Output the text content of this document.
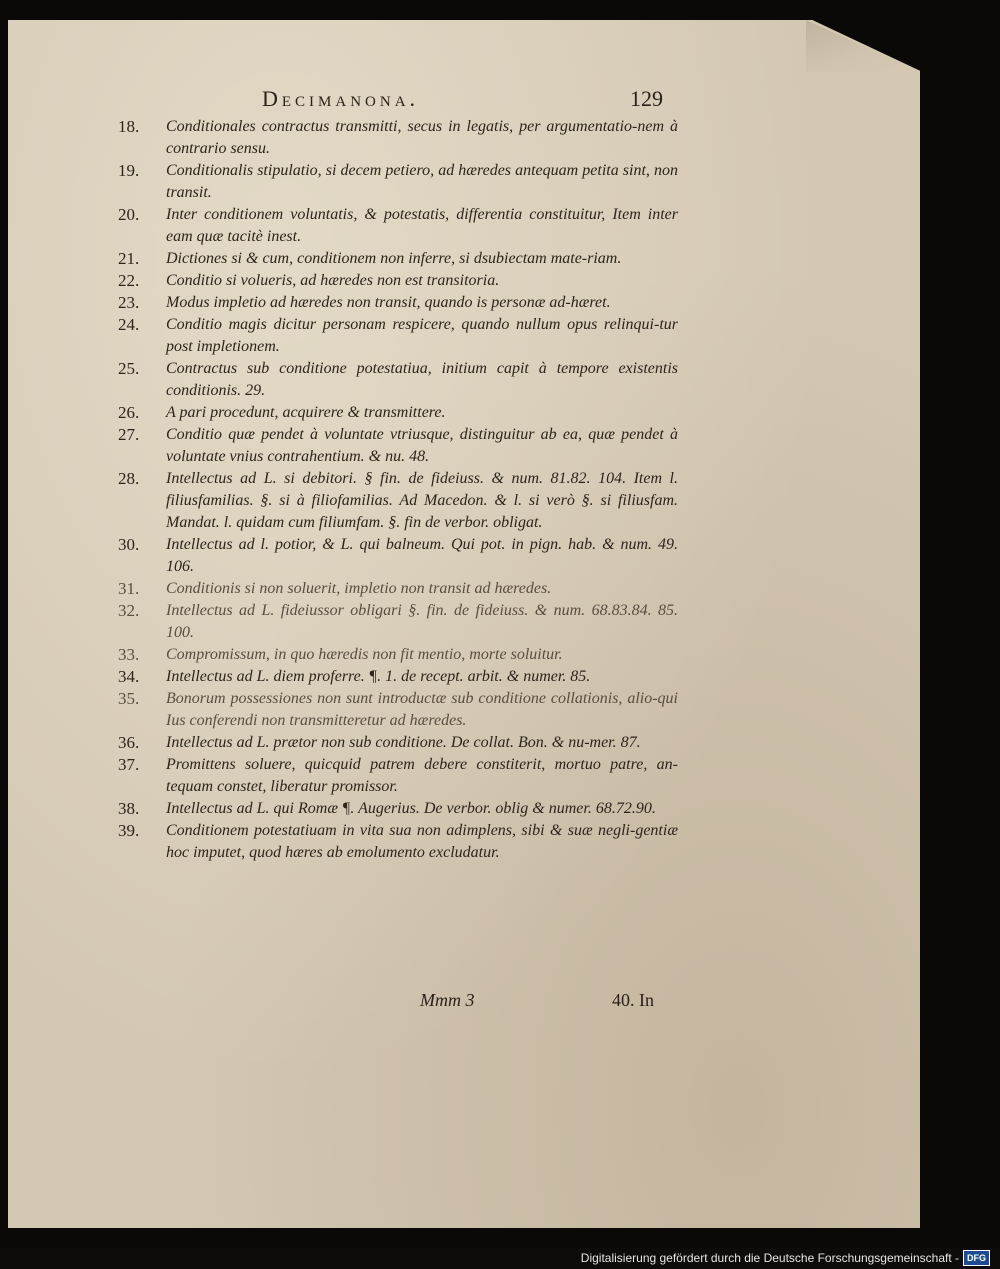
Decimanona.	129
18.	Conditionales contractus transmitti, secus in legatis, per argumentatio-nem à contrario sensu.
19.	Conditionalis stipulatio, si decem petiero, ad hæredes antequam petita sint, non transit.
20.	Inter conditionem voluntatis, & potestatis, differentia constituitur, Item inter eam quæ tacitè inest.
21.	Dictiones si & cum, conditionem non inferre, si dsubiectam mate-riam.
22.	Conditio si volueris, ad hæredes non est transitoria.
23.	Modus impletio ad hæredes non transit, quando is personæ ad-hæret.
24.	Conditio magis dicitur personam respicere, quando nullum opus relinqui-tur post impletionem.
25.	Contractus sub conditione potestatiua, initium capit à tempore existentis conditionis. 29.
26.	A pari procedunt, acquirere & transmittere.
27.	Conditio quæ pendet à voluntate vtriusque, distinguitur ab ea, quæ pendet à voluntate vnius contrahentium. & nu. 48.
28.	Intellectus ad L. si debitori. § fin. de fideiuss. & num. 81.82. 104. Item l. filiusfamilias. §. si à filiofamilias. Ad Macedon. & l. si verò §. si filiusfam. Mandat. l. quidam cum filiumfam. §. fin de verbor. obligat.
30.	Intellectus ad l. potior, & L. qui balneum. Qui pot. in pign. hab. & num. 49. 106.
31.	Conditionis si non soluerit, impletio non transit ad hæredes.
32.	Intellectus ad L. fideiussor obligari §. fin. de fideiuss. & num. 68.83.84. 85. 100.
33.	Compromissum, in quo hæredis non fit mentio, morte soluitur.
34.	Intellectus ad L. diem proferre. ¶. 1. de recept. arbit. & numer. 85.
35.	Bonorum possessiones non sunt introductæ sub conditione collationis, alio-qui Ius conferendi non transmitteretur ad hæredes.
36.	Intellectus ad L. prætor non sub conditione. De collat. Bon. & nu-mer. 87.
37.	Promittens soluere, quicquid patrem debere constiterit, mortuo patre, an-tequam constet, liberatur promissor.
38.	Intellectus ad L. qui Romæ ¶. Augerius. De verbor. oblig & numer. 68.72.90.
39.	Conditionem potestatiuam in vita sua non adimplens, sibi & suæ negli-gentiæ hoc imputet, quod hæres ab emolumento excludatur.
Mmm 3	40. In
Digitalisierung gefördert durch die Deutsche Forschungsgemeinschaft - DFG
